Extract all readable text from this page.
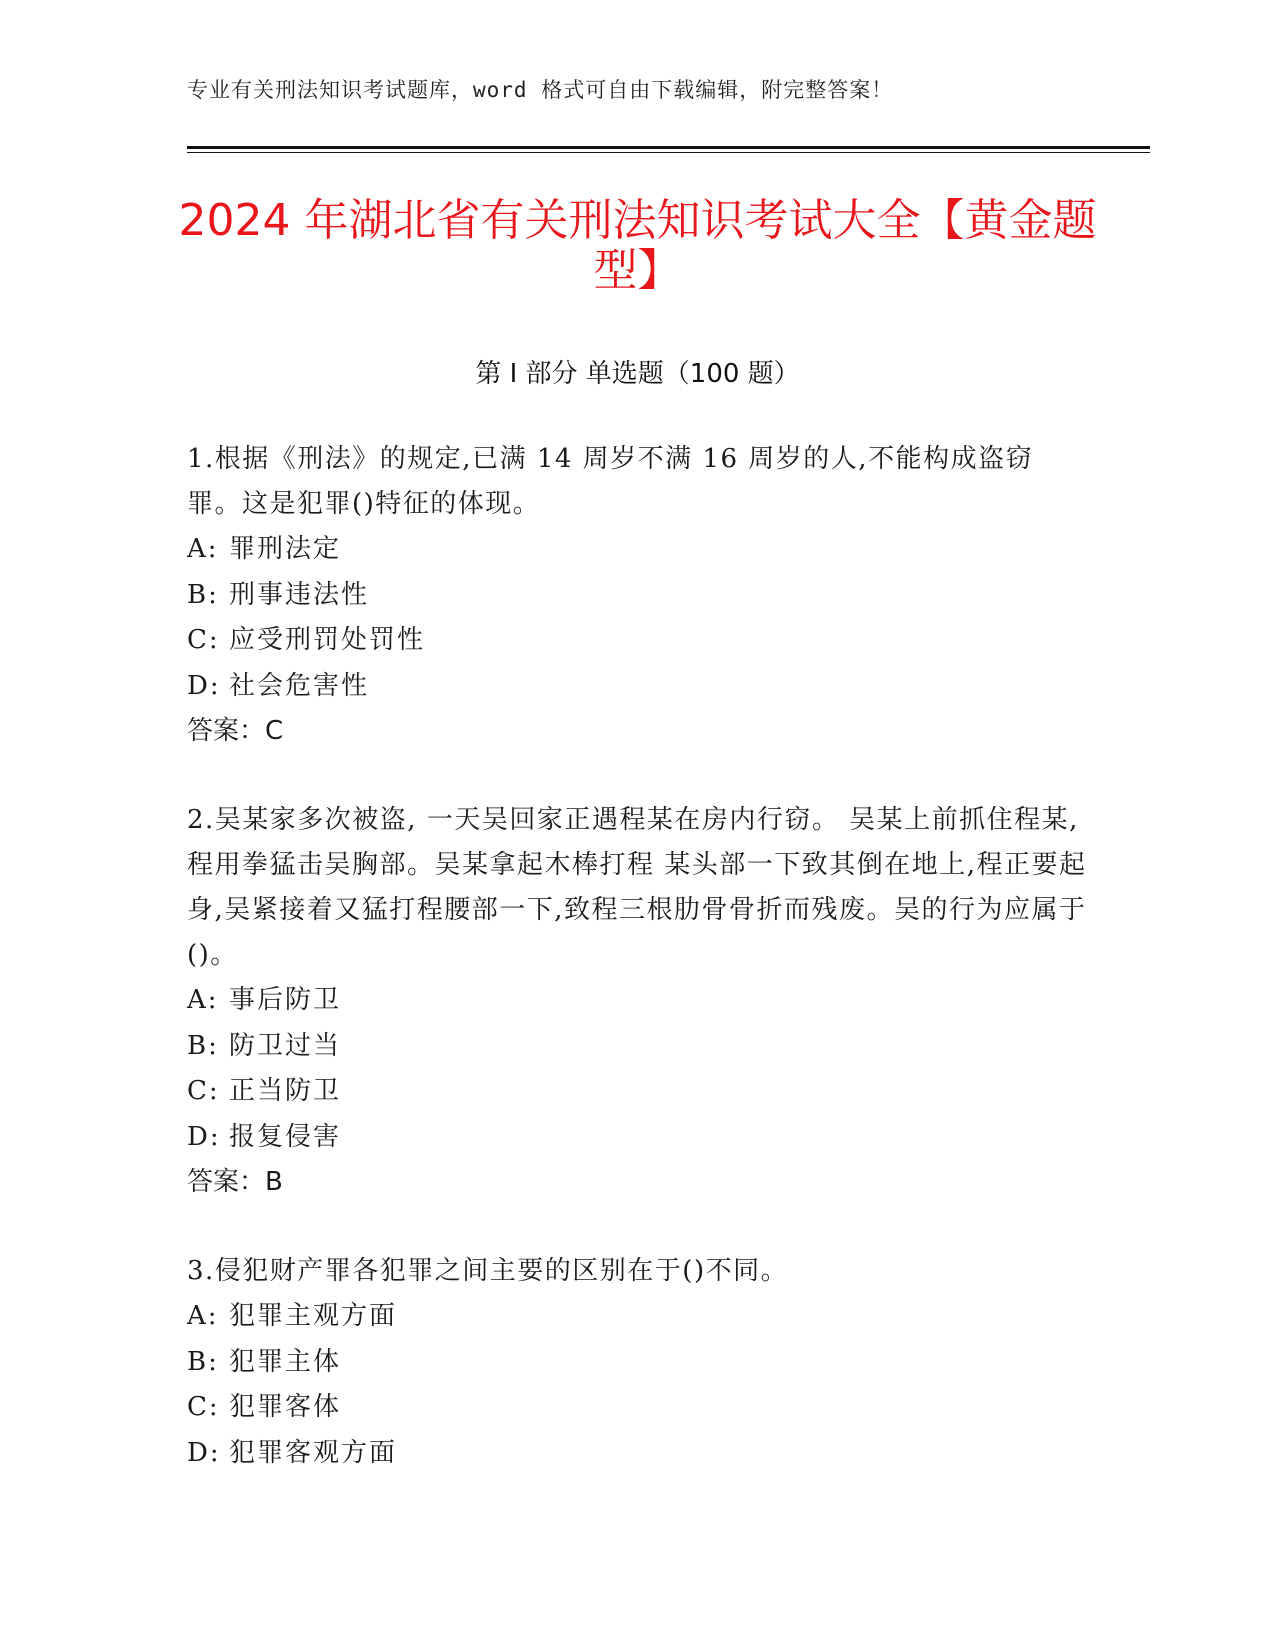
专业有关刑法知识考试题库，word 格式可自由下载编辑，附完整答案！
2024 年湖北省有关刑法知识考试大全【黄金题型】
第 I 部分 单选题（100 题）
1.根据《刑法》的规定,已满 14 周岁不满 16 周岁的人,不能构成盗窃罪。这是犯罪()特征的体现。
A: 罪刑法定
B: 刑事违法性
C: 应受刑罚处罚性
D: 社会危害性
答案：C
2.吴某家多次被盗, 一天吴回家正遇程某在房内行窃。 吴某上前抓住程某,程用拳猛击吴胸部。吴某拿起木棒打程 某头部一下致其倒在地上,程正要起身,吴紧接着又猛打程腰部一下,致程三根肋骨骨折而残废。吴的行为应属于()。
A: 事后防卫
B: 防卫过当
C: 正当防卫
D: 报复侵害
答案：B
3.侵犯财产罪各犯罪之间主要的区别在于()不同。
A: 犯罪主观方面
B: 犯罪主体
C: 犯罪客体
D: 犯罪客观方面
